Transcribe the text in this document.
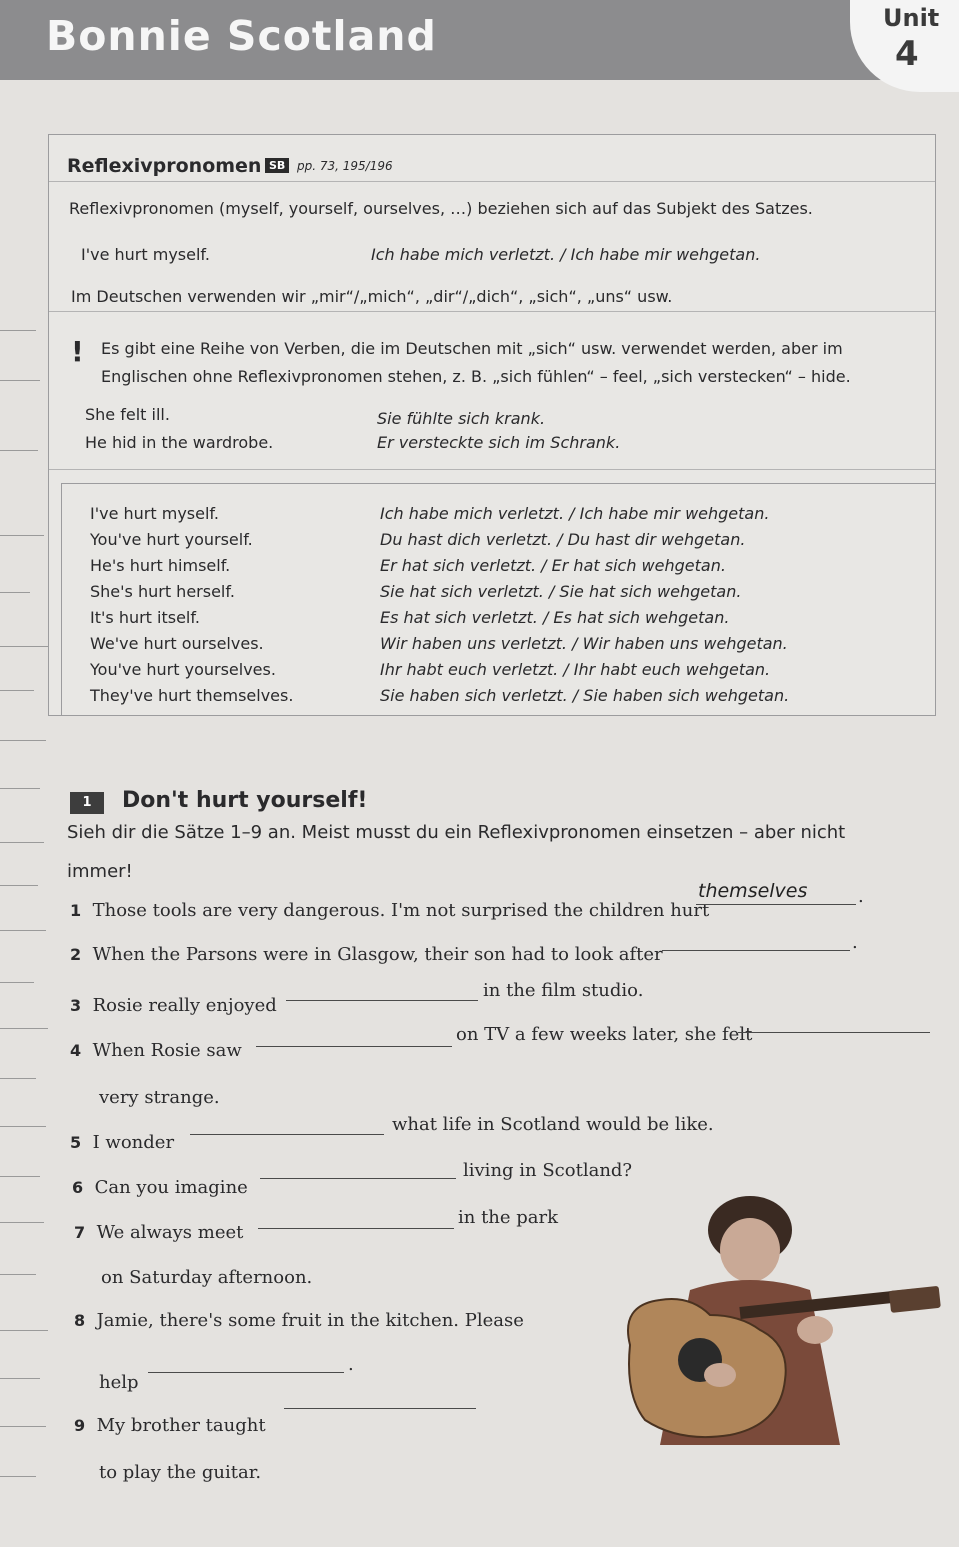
Bonnie Scotland	Unit
4
Reflexivpronomen SB pp. 73, 195/196
Reflexivpronomen (myself, yourself, ourselves, …) beziehen sich auf das Subjekt des Satzes.
I've hurt myself.	Ich habe mich verletzt. / Ich habe mir wehgetan.
Im Deutschen verwenden wir „mir“/„mich“, „dir“/„dich“, „sich“, „uns“ usw.
! Es gibt eine Reihe von Verben, die im Deutschen mit „sich“ usw. verwendet werden, aber im
Englischen ohne Reflexivpronomen stehen, z. B. „sich fühlen“ – feel, „sich verstecken“ – hide.
She felt ill.	Sie fühlte sich krank.
He hid in the wardrobe.	Er versteckte sich im Schrank.
I've hurt myself.	Ich habe mich verletzt. / Ich habe mir wehgetan.
You've hurt yourself.	Du hast dich verletzt. / Du hast dir wehgetan.
He's hurt himself.	Er hat sich verletzt. / Er hat sich wehgetan.
She's hurt herself.	Sie hat sich verletzt. / Sie hat sich wehgetan.
It's hurt itself.	Es hat sich verletzt. / Es hat sich wehgetan.
We've hurt ourselves.	Wir haben uns verletzt. / Wir haben uns wehgetan.
You've hurt yourselves.	Ihr habt euch verletzt. / Ihr habt euch wehgetan.
They've hurt themselves.	Sie haben sich verletzt. / Sie haben sich wehgetan.
1	Don't hurt yourself!
Sieh dir die Sätze 1–9 an. Meist musst du ein Reflexivpronomen einsetzen – aber nicht
immer!
1 Those tools are very dangerous. I'm not surprised the children hurt
themselves	.
2 When the Parsons were in Glasgow, their son had to look after
.
3 Rosie really enjoyed
in the film studio.
4 When Rosie saw
on TV a few weeks later, she felt
very strange.
5 I wonder
what life in Scotland would be like.
6 Can you imagine
living in Scotland?
7 We always meet
in the park
on Saturday afternoon.
8 Jamie, there's some fruit in the kitchen. Please
help
.
9 My brother taught
to play the guitar.
